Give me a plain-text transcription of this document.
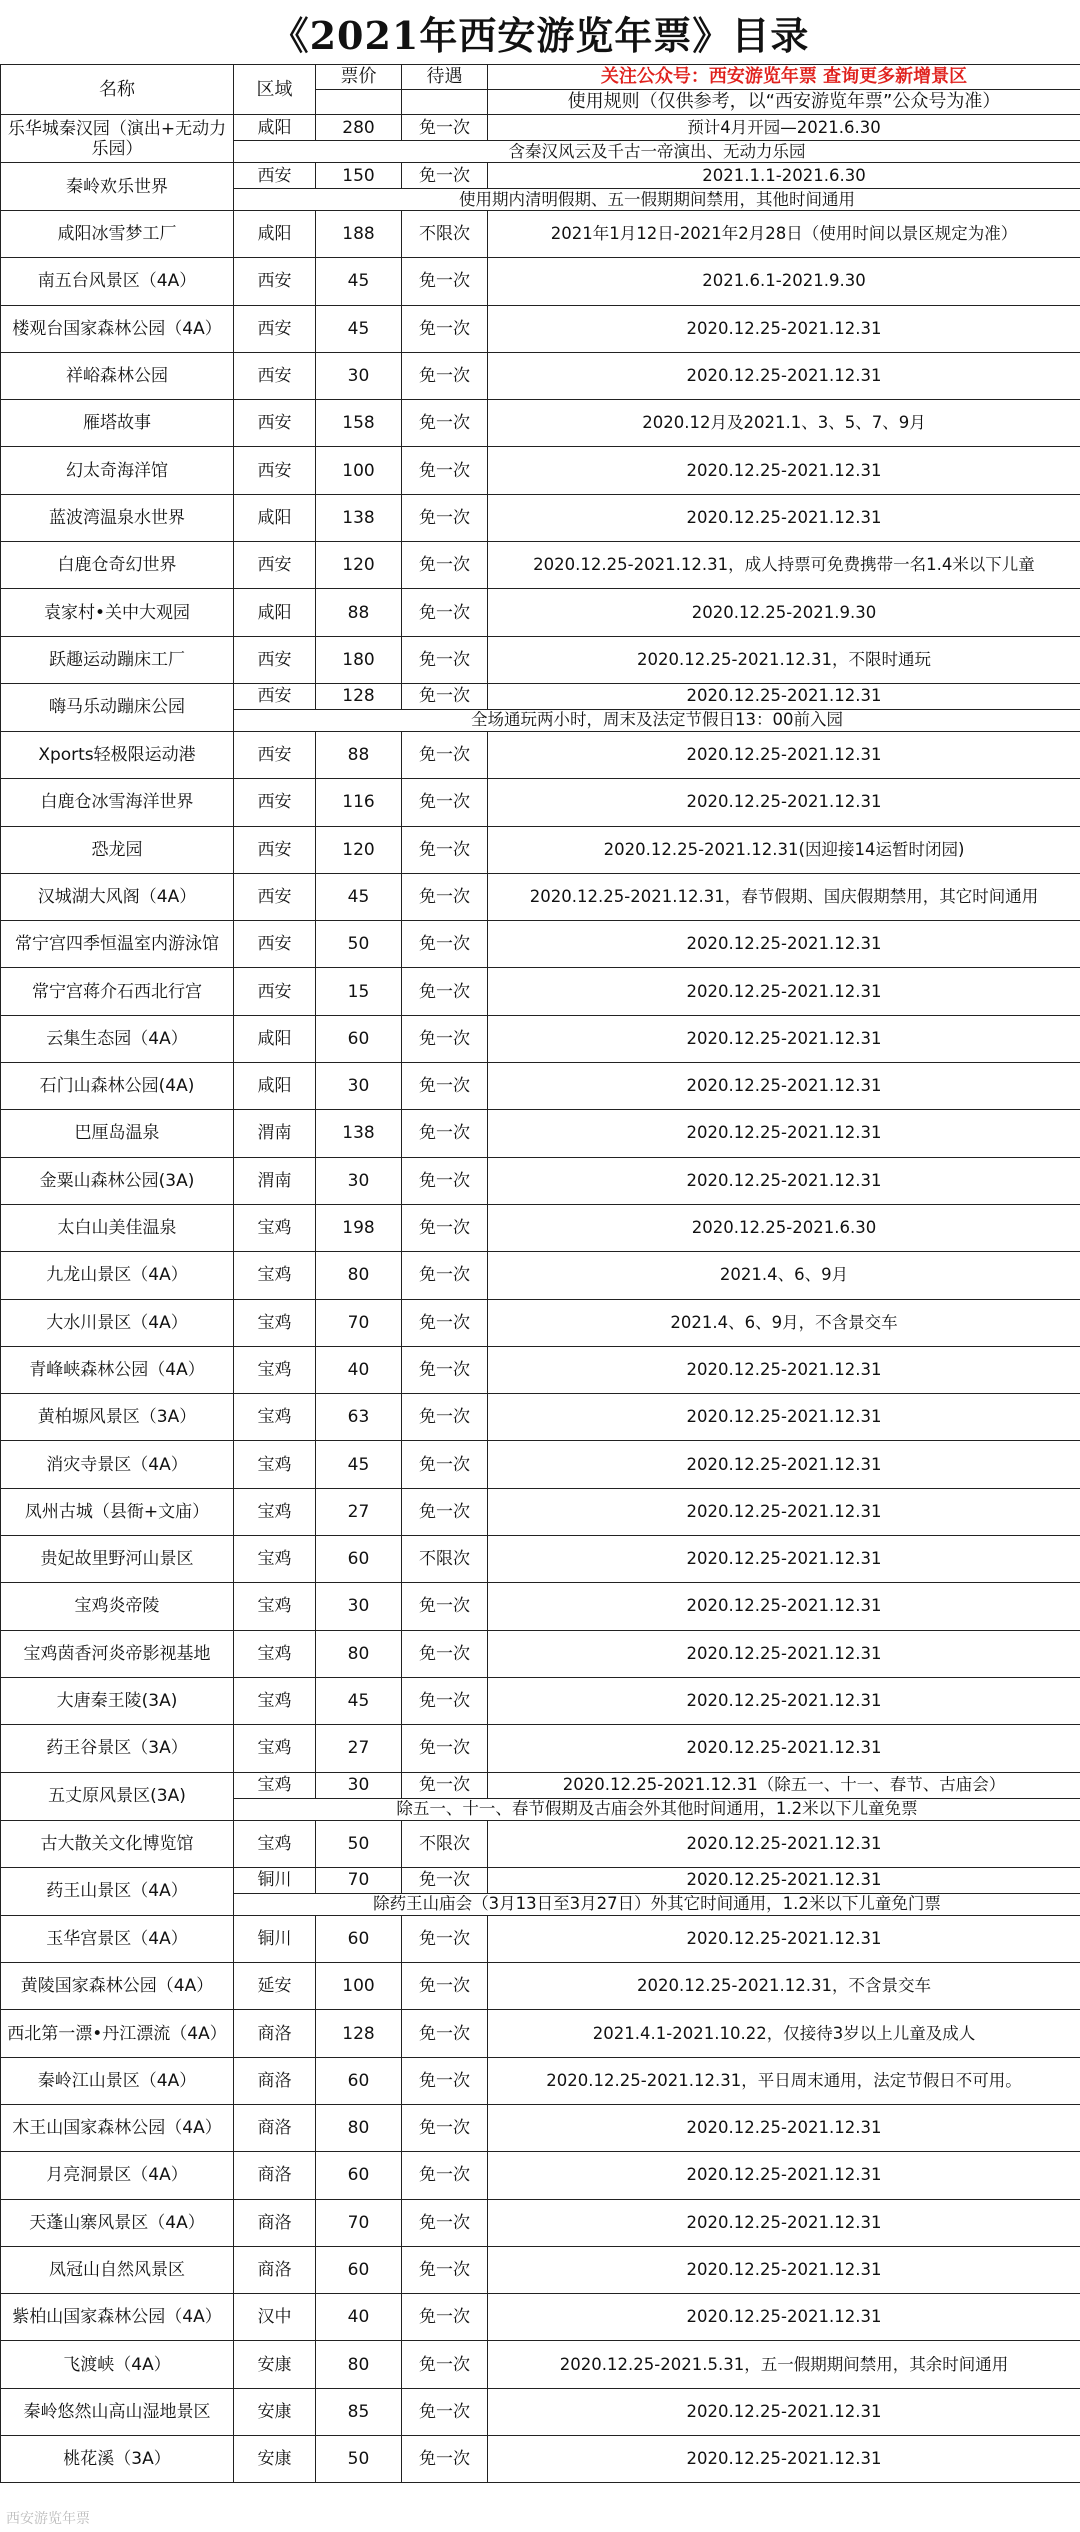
《2021年西安游览年票》目录
名称	区域	票价	待遇	关注公众号：西安游览年票 查询更多新增景区
				使用规则（仅供参考，以“西安游览年票”公众号为准）
乐华城秦汉园（演出+无动力乐园）	咸阳	280	免一次	预计4月开园—2021.6.30
	含秦汉风云及千古一帝演出、无动力乐园			
秦岭欢乐世界	西安	150	免一次	2021.1.1-2021.6.30
	使用期内清明假期、五一假期期间禁用，其他时间通用			
咸阳冰雪梦工厂	咸阳	188	不限次	2021年1月12日-2021年2月28日（使用时间以景区规定为准）
南五台风景区（4A）	西安	45	免一次	2021.6.1-2021.9.30
楼观台国家森林公园（4A）	西安	45	免一次	2020.12.25-2021.12.31
祥峪森林公园	西安	30	免一次	2020.12.25-2021.12.31
雁塔故事	西安	158	免一次	2020.12月及2021.1、3、5、7、9月
幻太奇海洋馆	西安	100	免一次	2020.12.25-2021.12.31
蓝波湾温泉水世界	咸阳	138	免一次	2020.12.25-2021.12.31
白鹿仓奇幻世界	西安	120	免一次	2020.12.25-2021.12.31，成人持票可免费携带一名1.4米以下儿童
袁家村•关中大观园	咸阳	88	免一次	2020.12.25-2021.9.30
跃趣运动蹦床工厂	西安	180	免一次	2020.12.25-2021.12.31，不限时通玩
嗨马乐动蹦床公园	西安	128	免一次	2020.12.25-2021.12.31
	全场通玩两小时，周末及法定节假日13：00前入园			
Xports轻极限运动港	西安	88	免一次	2020.12.25-2021.12.31
白鹿仓冰雪海洋世界	西安	116	免一次	2020.12.25-2021.12.31
恐龙园	西安	120	免一次	2020.12.25-2021.12.31(因迎接14运暂时闭园)
汉城湖大风阁（4A）	西安	45	免一次	2020.12.25-2021.12.31，春节假期、国庆假期禁用，其它时间通用
常宁宫四季恒温室内游泳馆	西安	50	免一次	2020.12.25-2021.12.31
常宁宫蒋介石西北行宫	西安	15	免一次	2020.12.25-2021.12.31
云集生态园（4A）	咸阳	60	免一次	2020.12.25-2021.12.31
石门山森林公园(4A)	咸阳	30	免一次	2020.12.25-2021.12.31
巴厘岛温泉	渭南	138	免一次	2020.12.25-2021.12.31
金粟山森林公园(3A)	渭南	30	免一次	2020.12.25-2021.12.31
太白山美佳温泉	宝鸡	198	免一次	2020.12.25-2021.6.30
九龙山景区（4A）	宝鸡	80	免一次	2021.4、6、9月
大水川景区（4A）	宝鸡	70	免一次	2021.4、6、9月，不含景交车
青峰峡森林公园（4A）	宝鸡	40	免一次	2020.12.25-2021.12.31
黄柏塬风景区（3A）	宝鸡	63	免一次	2020.12.25-2021.12.31
消灾寺景区（4A）	宝鸡	45	免一次	2020.12.25-2021.12.31
凤州古城（县衙+文庙）	宝鸡	27	免一次	2020.12.25-2021.12.31
贵妃故里野河山景区	宝鸡	60	不限次	2020.12.25-2021.12.31
宝鸡炎帝陵	宝鸡	30	免一次	2020.12.25-2021.12.31
宝鸡茵香河炎帝影视基地	宝鸡	80	免一次	2020.12.25-2021.12.31
大唐秦王陵(3A)	宝鸡	45	免一次	2020.12.25-2021.12.31
药王谷景区（3A）	宝鸡	27	免一次	2020.12.25-2021.12.31
五丈原风景区(3A)	宝鸡	30	免一次	2020.12.25-2021.12.31（除五一、十一、春节、古庙会）
	除五一、十一、春节假期及古庙会外其他时间通用，1.2米以下儿童免票			
古大散关文化博览馆	宝鸡	50	不限次	2020.12.25-2021.12.31
药王山景区（4A）	铜川	70	免一次	2020.12.25-2021.12.31
	除药王山庙会（3月13日至3月27日）外其它时间通用，1.2米以下儿童免门票			
玉华宫景区（4A）	铜川	60	免一次	2020.12.25-2021.12.31
黄陵国家森林公园（4A）	延安	100	免一次	2020.12.25-2021.12.31，不含景交车
西北第一漂•丹江漂流（4A）	商洛	128	免一次	2021.4.1-2021.10.22，仅接待3岁以上儿童及成人
秦岭江山景区（4A）	商洛	60	免一次	2020.12.25-2021.12.31，平日周末通用，法定节假日不可用。
木王山国家森林公园（4A）	商洛	80	免一次	2020.12.25-2021.12.31
月亮洞景区（4A）	商洛	60	免一次	2020.12.25-2021.12.31
天蓬山寨风景区（4A）	商洛	70	免一次	2020.12.25-2021.12.31
凤冠山自然风景区	商洛	60	免一次	2020.12.25-2021.12.31
紫柏山国家森林公园（4A）	汉中	40	免一次	2020.12.25-2021.12.31
飞渡峡（4A）	安康	80	免一次	2020.12.25-2021.5.31，五一假期期间禁用，其余时间通用
秦岭悠然山高山湿地景区	安康	85	免一次	2020.12.25-2021.12.31
桃花溪（3A）	安康	50	免一次	2020.12.25-2021.12.31
西安游览年票
